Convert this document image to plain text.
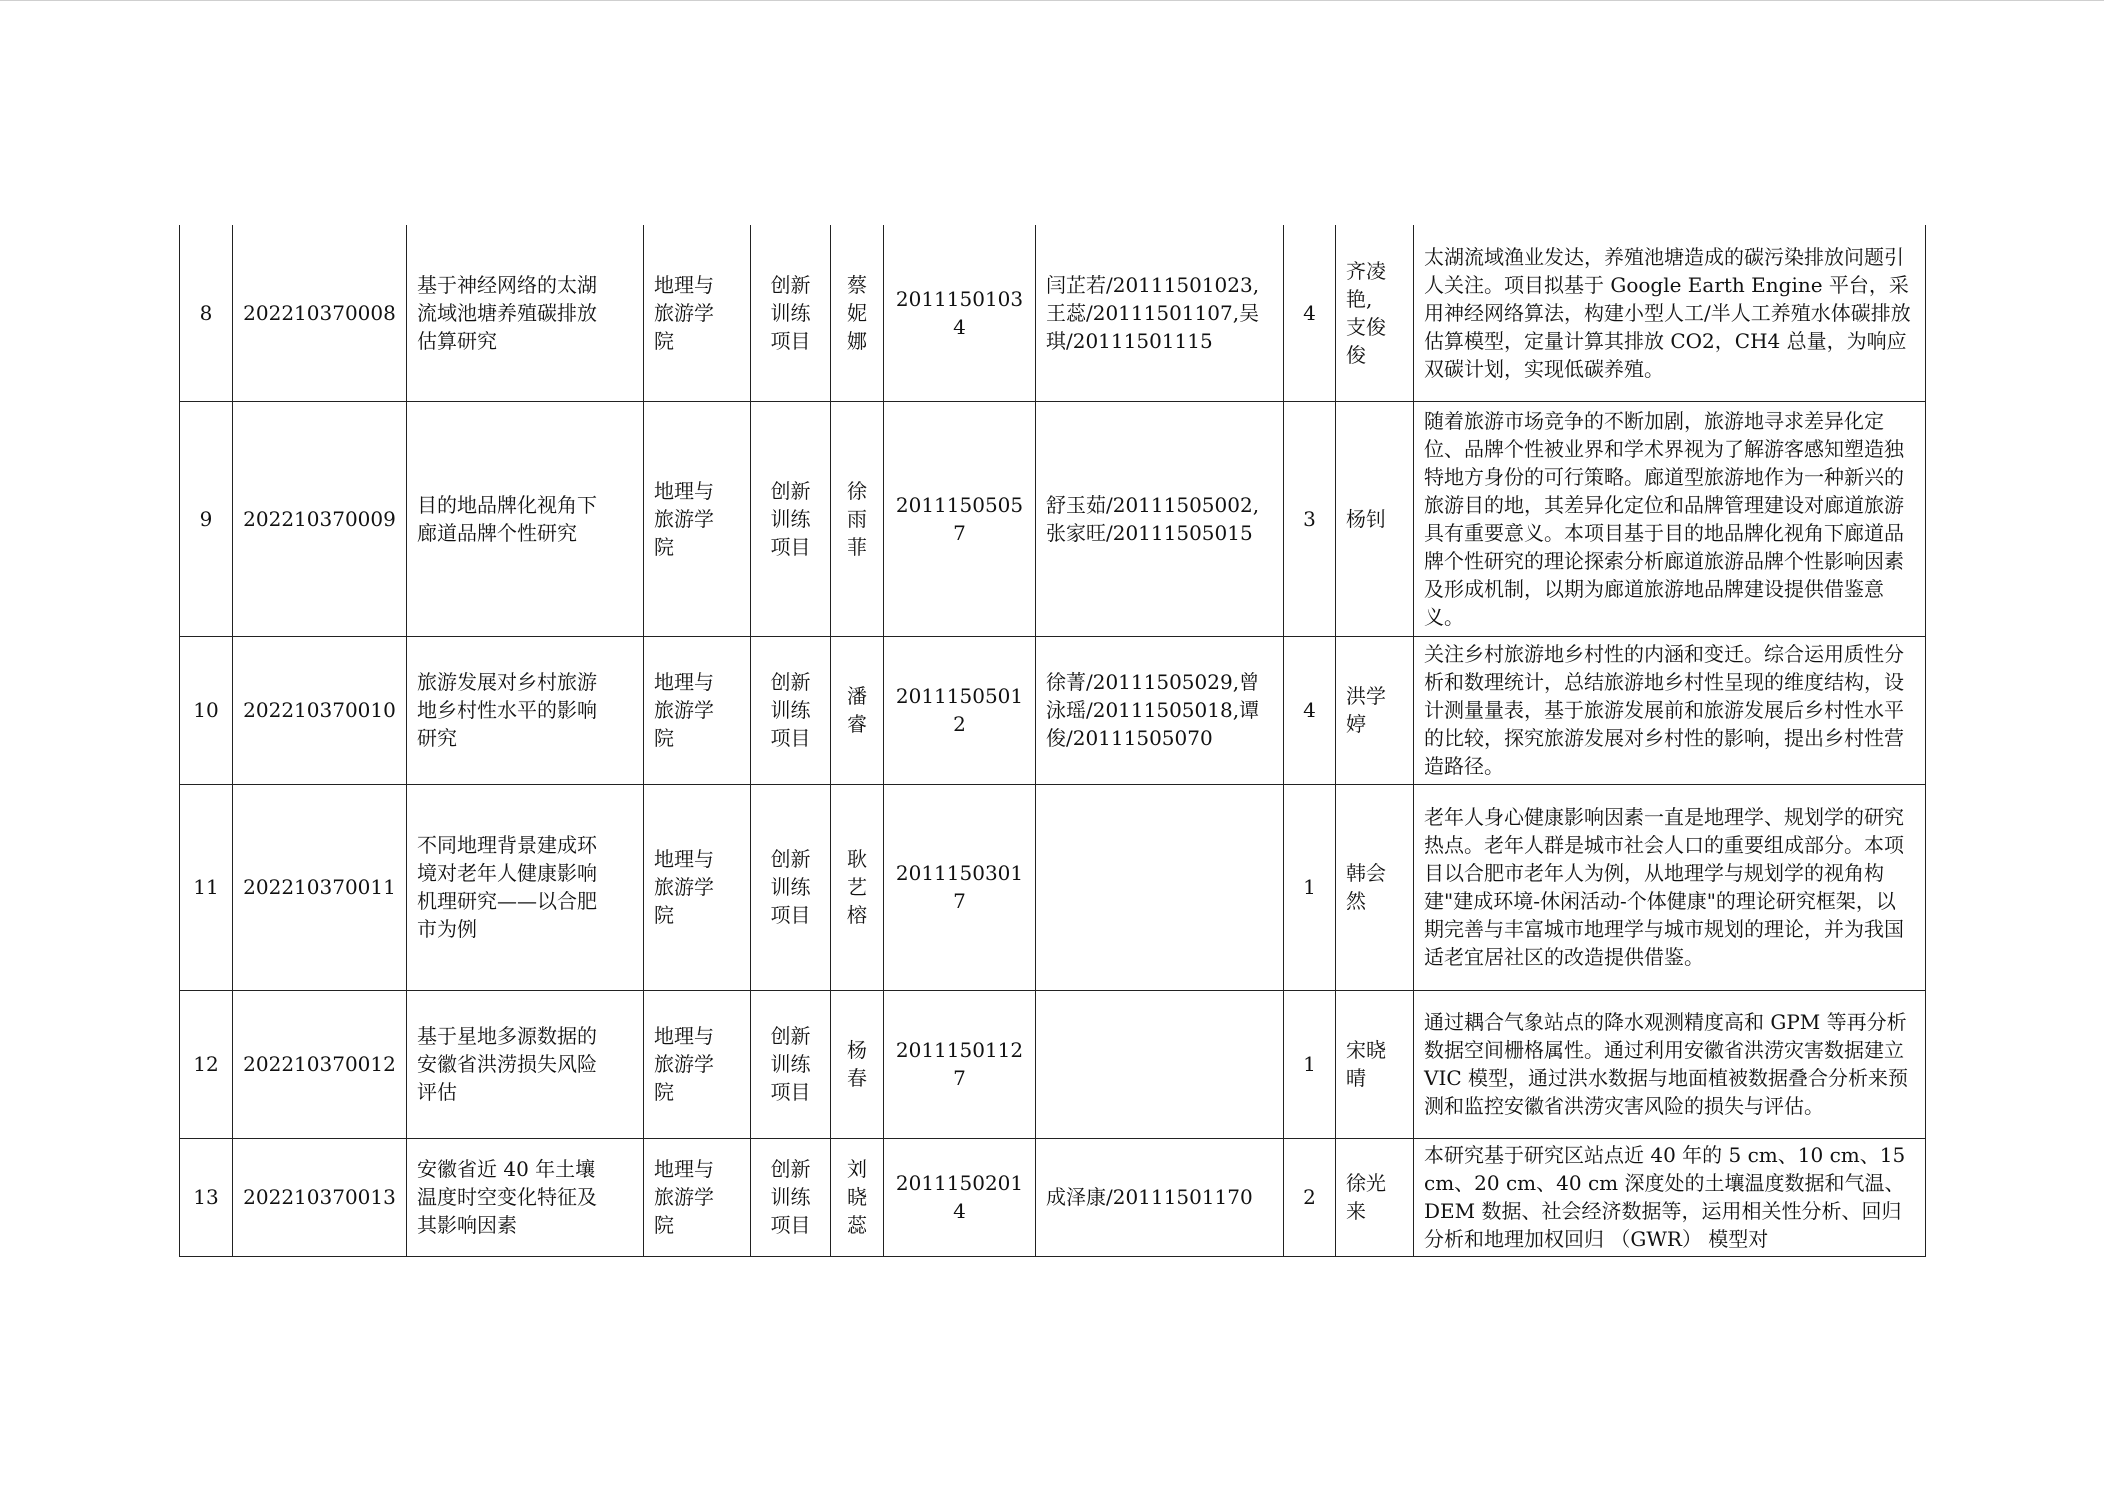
8	202210370008	基于神经网络的太湖
流域池塘养殖碳排放
估算研究	地理与
旅游学
院	创新
训练
项目	蔡
妮
娜	20111501034	闫芷若/20111501023,
王蕊/20111501107,吴
琪/20111501115	4	齐凌
艳,
支俊
俊	太湖流域渔业发达，养殖池塘造成的碳污染排放问题引人关注。项目拟基于 Google Earth Engine 平台，采用神经网络算法，构建小型人工/半人工养殖水体碳排放估算模型，定量计算其排放 CO2，CH4 总量，为响应双碳计划，实现低碳养殖。
9	202210370009	目的地品牌化视角下
廊道品牌个性研究	地理与
旅游学
院	创新
训练
项目	徐
雨
菲	20111505057	舒玉茹/20111505002,
张家旺/20111505015	3	杨钊	随着旅游市场竞争的不断加剧，旅游地寻求差异化定位、品牌个性被业界和学术界视为了解游客感知塑造独特地方身份的可行策略。廊道型旅游地作为一种新兴的旅游目的地，其差异化定位和品牌管理建设对廊道旅游具有重要意义。本项目基于目的地品牌化视角下廊道品牌个性研究的理论探索分析廊道旅游品牌个性影响因素及形成机制，以期为廊道旅游地品牌建设提供借鉴意义。
10	202210370010	旅游发展对乡村旅游
地乡村性水平的影响
研究	地理与
旅游学
院	创新
训练
项目	潘
睿	20111505012	徐菁/20111505029,曾
泳瑶/20111505018,谭
俊/20111505070	4	洪学
婷	关注乡村旅游地乡村性的内涵和变迁。综合运用质性分析和数理统计，总结旅游地乡村性呈现的维度结构，设计测量量表，基于旅游发展前和旅游发展后乡村性水平的比较，探究旅游发展对乡村性的影响，提出乡村性营造路径。
11	202210370011	不同地理背景建成环
境对老年人健康影响
机理研究——以合肥
市为例	地理与
旅游学
院	创新
训练
项目	耿
艺
榕	20111503017		1	韩会
然	老年人身心健康影响因素一直是地理学、规划学的研究热点。老年人群是城市社会人口的重要组成部分。本项目以合肥市老年人为例，从地理学与规划学的视角构建"建成环境-休闲活动-个体健康"的理论研究框架，以期完善与丰富城市地理学与城市规划的理论，并为我国适老宜居社区的改造提供借鉴。
12	202210370012	基于星地多源数据的
安徽省洪涝损失风险
评估	地理与
旅游学
院	创新
训练
项目	杨
春	20111501127		1	宋晓
晴	通过耦合气象站点的降水观测精度高和 GPM 等再分析数据空间栅格属性。通过利用安徽省洪涝灾害数据建立 VIC 模型，通过洪水数据与地面植被数据叠合分析来预测和监控安徽省洪涝灾害风险的损失与评估。
13	202210370013	安徽省近 40 年土壤
温度时空变化特征及
其影响因素	地理与
旅游学
院	创新
训练
项目	刘
晓
蕊	20111502014	成泽康/20111501170	2	徐光
来	本研究基于研究区站点近 40 年的 5 cm、10 cm、15 cm、20 cm、40 cm 深度处的土壤温度数据和气温、DEM 数据、社会经济数据等，运用相关性分析、回归分析和地理加权回归 （GWR） 模型对
